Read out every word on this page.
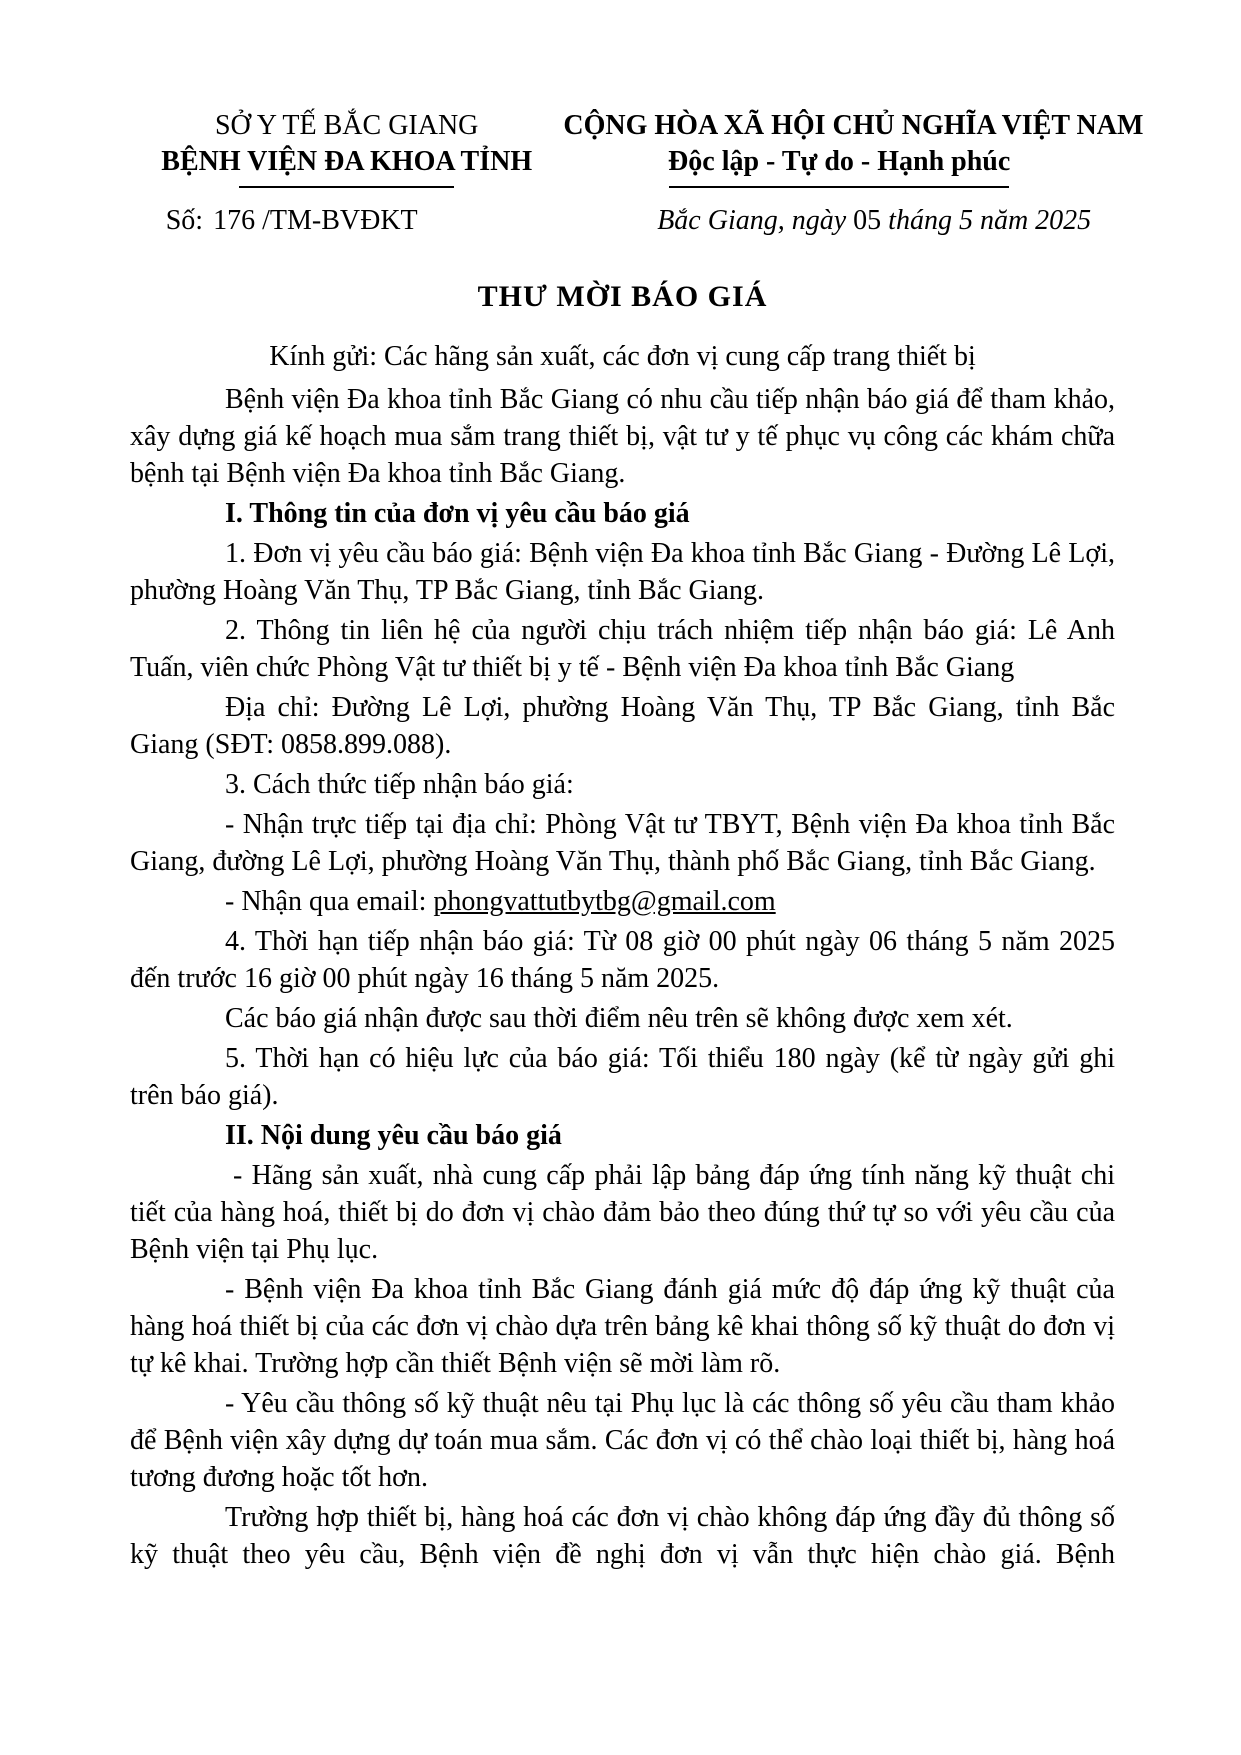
SỞ Y TẾ BẮC GIANG
BỆNH VIỆN ĐA KHOA TỈNH
CỘNG HÒA XÃ HỘI CHỦ NGHĨA VIỆT NAM
Độc lập - Tự do - Hạnh phúc
Số: 176 /TM-BVĐKT	Bắc Giang, ngày 05 tháng 5 năm 2025
THƯ MỜI BÁO GIÁ
Kính gửi: Các hãng sản xuất, các đơn vị cung cấp trang thiết bị

Bệnh viện Đa khoa tỉnh Bắc Giang có nhu cầu tiếp nhận báo giá để tham khảo, xây dựng giá kế hoạch mua sắm trang thiết bị, vật tư y tế phục vụ công các khám chữa bệnh tại Bệnh viện Đa khoa tỉnh Bắc Giang.

I. Thông tin của đơn vị yêu cầu báo giá

1. Đơn vị yêu cầu báo giá: Bệnh viện Đa khoa tỉnh Bắc Giang - Đường Lê Lợi, phường Hoàng Văn Thụ, TP Bắc Giang, tỉnh Bắc Giang.

2. Thông tin liên hệ của người chịu trách nhiệm tiếp nhận báo giá: Lê Anh Tuấn, viên chức Phòng Vật tư thiết bị y tế - Bệnh viện Đa khoa tỉnh Bắc Giang

Địa chỉ: Đường Lê Lợi, phường Hoàng Văn Thụ, TP Bắc Giang, tỉnh Bắc Giang (SĐT: 0858.899.088).

3. Cách thức tiếp nhận báo giá:

- Nhận trực tiếp tại địa chỉ: Phòng Vật tư TBYT, Bệnh viện Đa khoa tỉnh Bắc Giang, đường Lê Lợi, phường Hoàng Văn Thụ, thành phố Bắc Giang, tỉnh Bắc Giang.

- Nhận qua email: phongvattutbytbg@gmail.com

4. Thời hạn tiếp nhận báo giá: Từ 08 giờ 00 phút ngày 06 tháng 5 năm 2025 đến trước 16 giờ 00 phút ngày 16 tháng 5 năm 2025.

Các báo giá nhận được sau thời điểm nêu trên sẽ không được xem xét.

5. Thời hạn có hiệu lực của báo giá: Tối thiểu 180 ngày (kể từ ngày gửi ghi trên báo giá).

II. Nội dung yêu cầu báo giá

- Hãng sản xuất, nhà cung cấp phải lập bảng đáp ứng tính năng kỹ thuật chi tiết của hàng hoá, thiết bị do đơn vị chào đảm bảo theo đúng thứ tự so với yêu cầu của Bệnh viện tại Phụ lục.

- Bệnh viện Đa khoa tỉnh Bắc Giang đánh giá mức độ đáp ứng kỹ thuật của hàng hoá thiết bị của các đơn vị chào dựa trên bảng kê khai thông số kỹ thuật do đơn vị tự kê khai. Trường hợp cần thiết Bệnh viện sẽ mời làm rõ.

- Yêu cầu thông số kỹ thuật nêu tại Phụ lục là các thông số yêu cầu tham khảo để Bệnh viện xây dựng dự toán mua sắm. Các đơn vị có thể chào loại thiết bị, hàng hoá tương đương hoặc tốt hơn.

Trường hợp thiết bị, hàng hoá các đơn vị chào không đáp ứng đầy đủ thông số kỹ thuật theo yêu cầu, Bệnh viện đề nghị đơn vị vẫn thực hiện chào giá. Bệnh
